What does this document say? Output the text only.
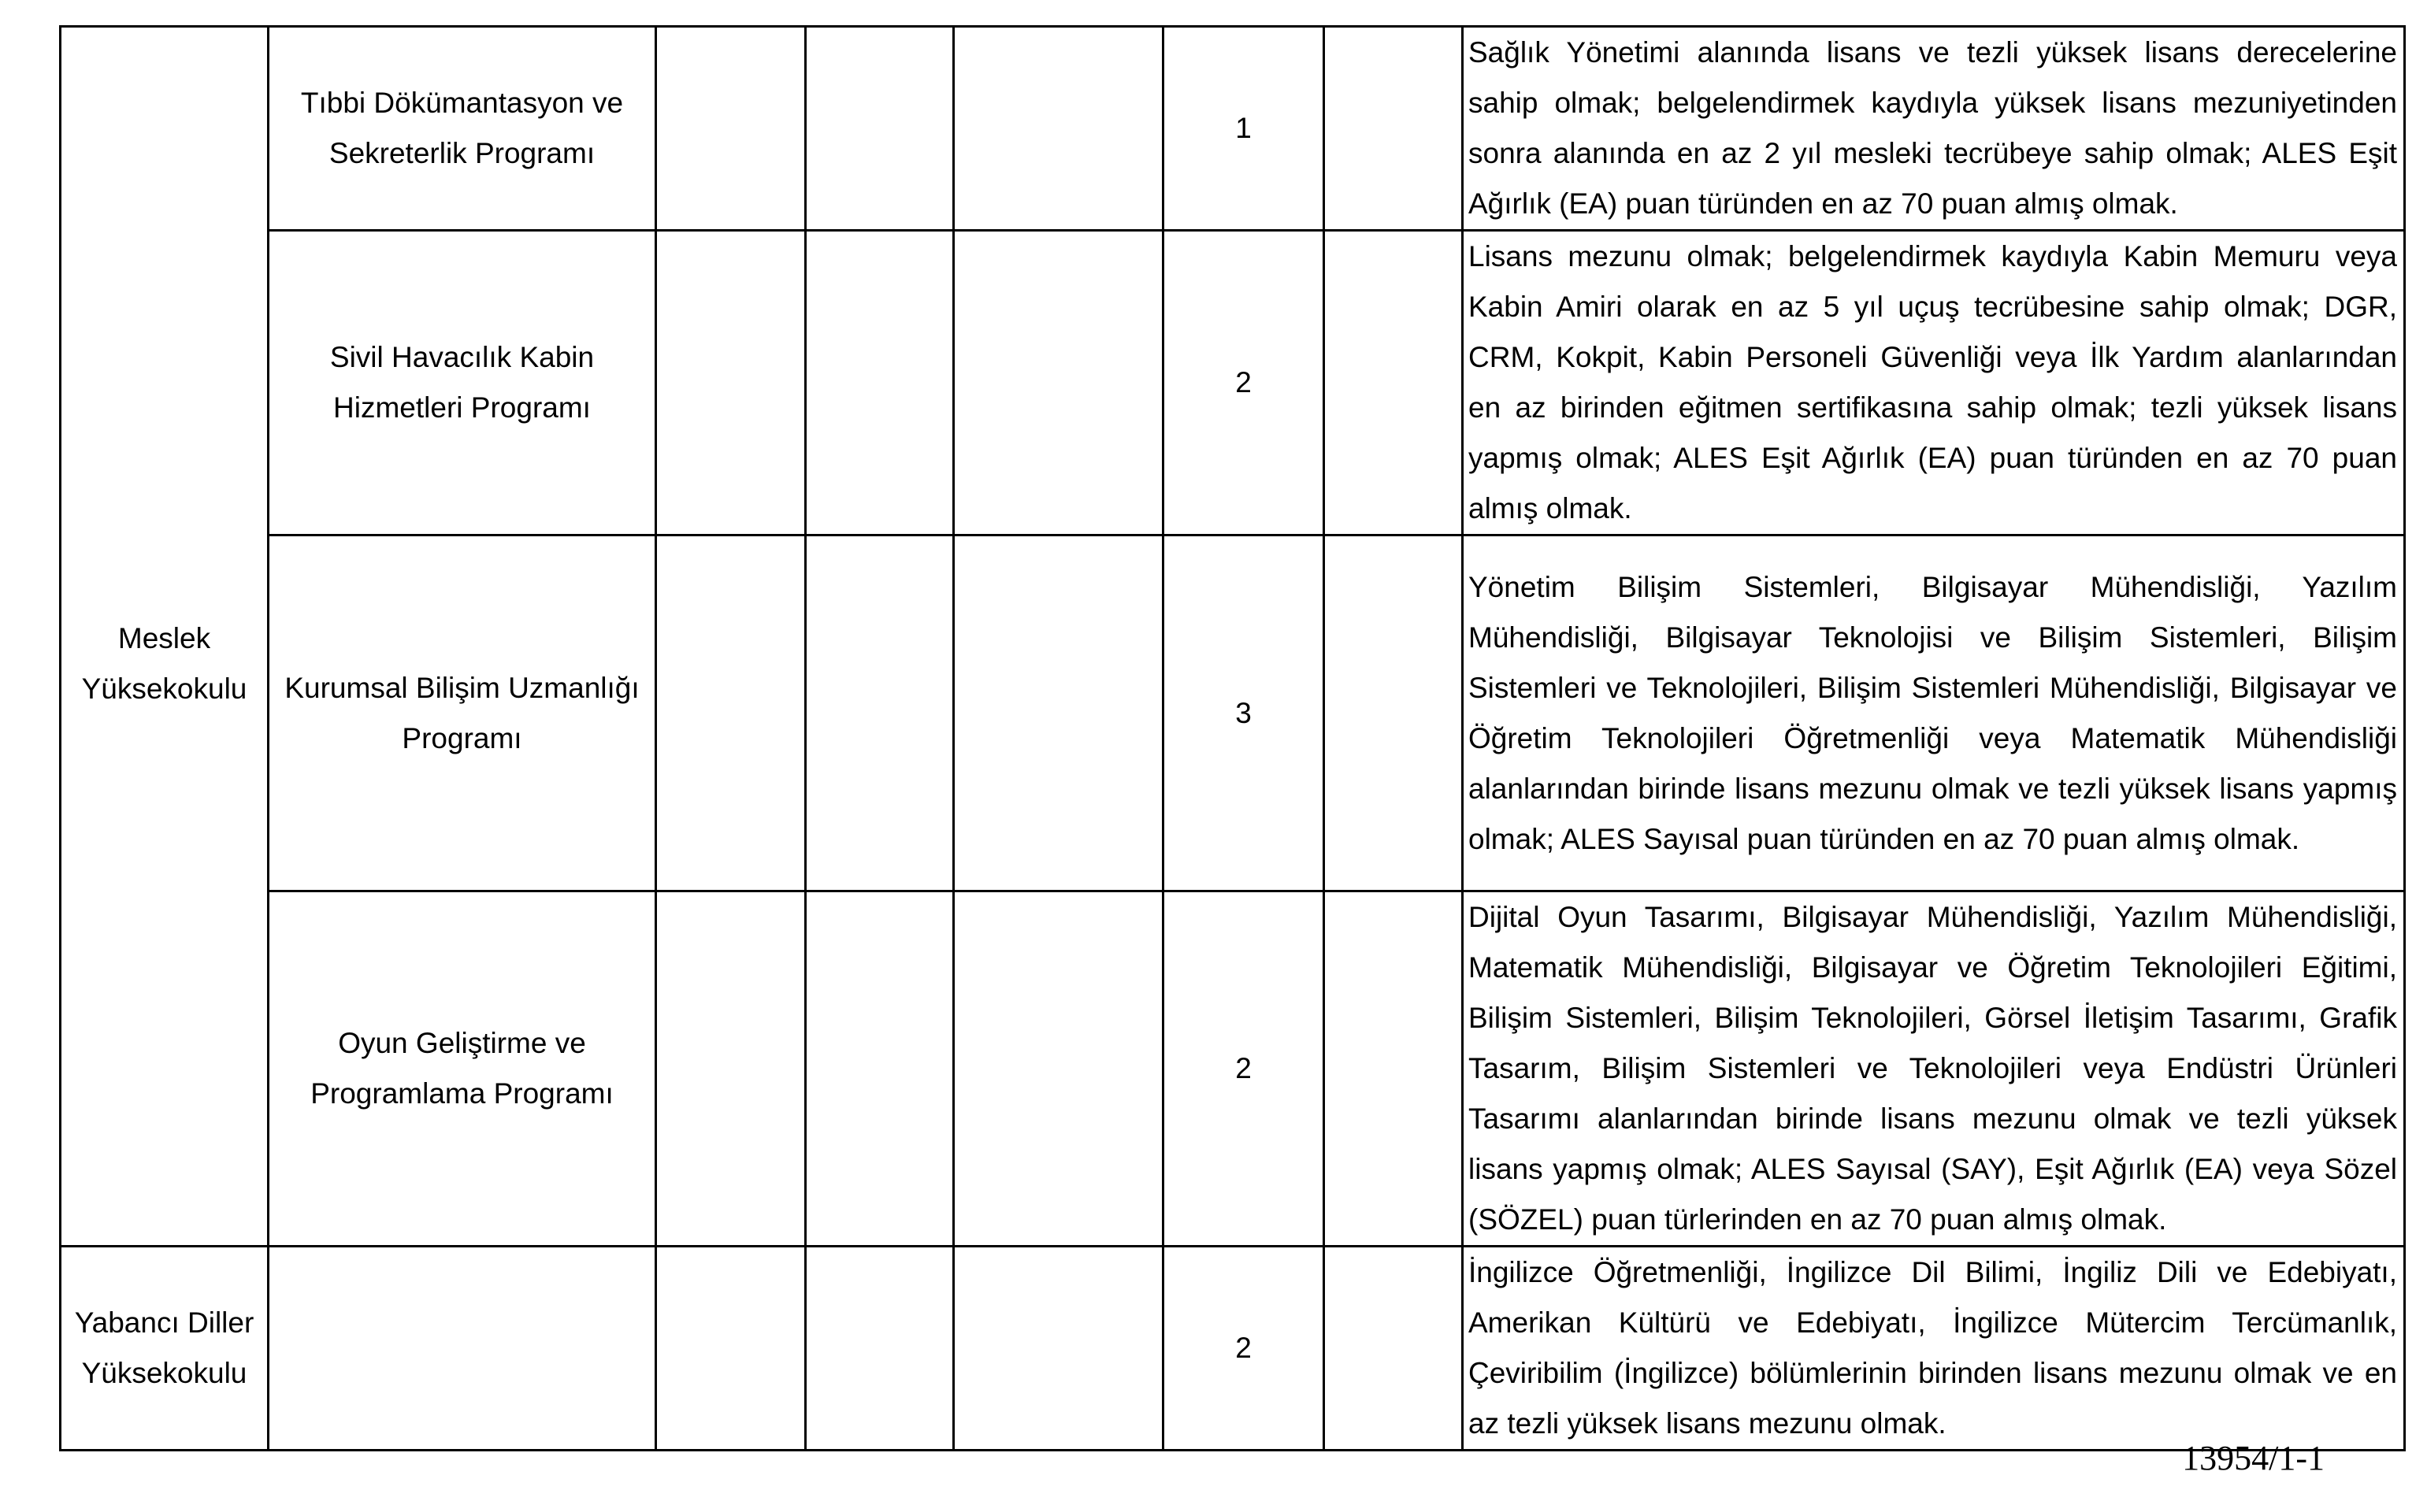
Meslek Yüksekokulu	Tıbbi Dökümantasyon ve Sekreterlik Programı				1		Sağlık Yönetimi alanında lisans ve tezli yüksek lisans derecelerine sahip olmak; belgelendirmek kaydıyla yüksek lisans mezuniyetinden sonra alanında en az 2 yıl mesleki tecrübeye sahip olmak; ALES Eşit Ağırlık (EA) puan türünden en az 70 puan almış olmak.
	Sivil Havacılık Kabin Hizmetleri Programı				2		Lisans mezunu olmak; belgelendirmek kaydıyla Kabin Memuru veya Kabin Amiri olarak en az 5 yıl uçuş tecrübesine sahip olmak; DGR, CRM, Kokpit, Kabin Personeli Güvenliği veya İlk Yardım alanlarından en az birinden eğitmen sertifikasına sahip olmak; tezli yüksek lisans yapmış olmak; ALES Eşit Ağırlık (EA) puan türünden en az 70 puan almış olmak.
	Kurumsal Bilişim Uzmanlığı Programı				3		Yönetim Bilişim Sistemleri, Bilgisayar Mühendisliği, Yazılım Mühendisliği, Bilgisayar Teknolojisi ve Bilişim Sistemleri, Bilişim Sistemleri ve Teknolojileri, Bilişim Sistemleri Mühendisliği, Bilgisayar ve Öğretim Teknolojileri Öğretmenliği veya Matematik Mühendisliği alanlarından birinde lisans mezunu olmak ve tezli yüksek lisans yapmış olmak; ALES Sayısal puan türünden en az 70 puan almış olmak.
	Oyun Geliştirme ve Programlama Programı				2		Dijital Oyun Tasarımı, Bilgisayar Mühendisliği, Yazılım Mühendisliği, Matematik Mühendisliği, Bilgisayar ve Öğretim Teknolojileri Eğitimi, Bilişim Sistemleri, Bilişim Teknolojileri, Görsel İletişim Tasarımı, Grafik Tasarım, Bilişim Sistemleri ve Teknolojileri veya Endüstri Ürünleri Tasarımı alanlarından birinde lisans mezunu olmak ve tezli yüksek lisans yapmış olmak; ALES Sayısal (SAY), Eşit Ağırlık (EA) veya Sözel (SÖZEL) puan türlerinden en az 70 puan almış olmak.
Yabancı Diller Yüksekokulu					2		İngilizce Öğretmenliği, İngilizce Dil Bilimi, İngiliz Dili ve Edebiyatı, Amerikan Kültürü ve Edebiyatı, İngilizce Mütercim Tercümanlık, Çeviribilim (İngilizce) bölümlerinin birinden lisans mezunu olmak ve en az tezli yüksek lisans mezunu olmak.
13954/1-1
